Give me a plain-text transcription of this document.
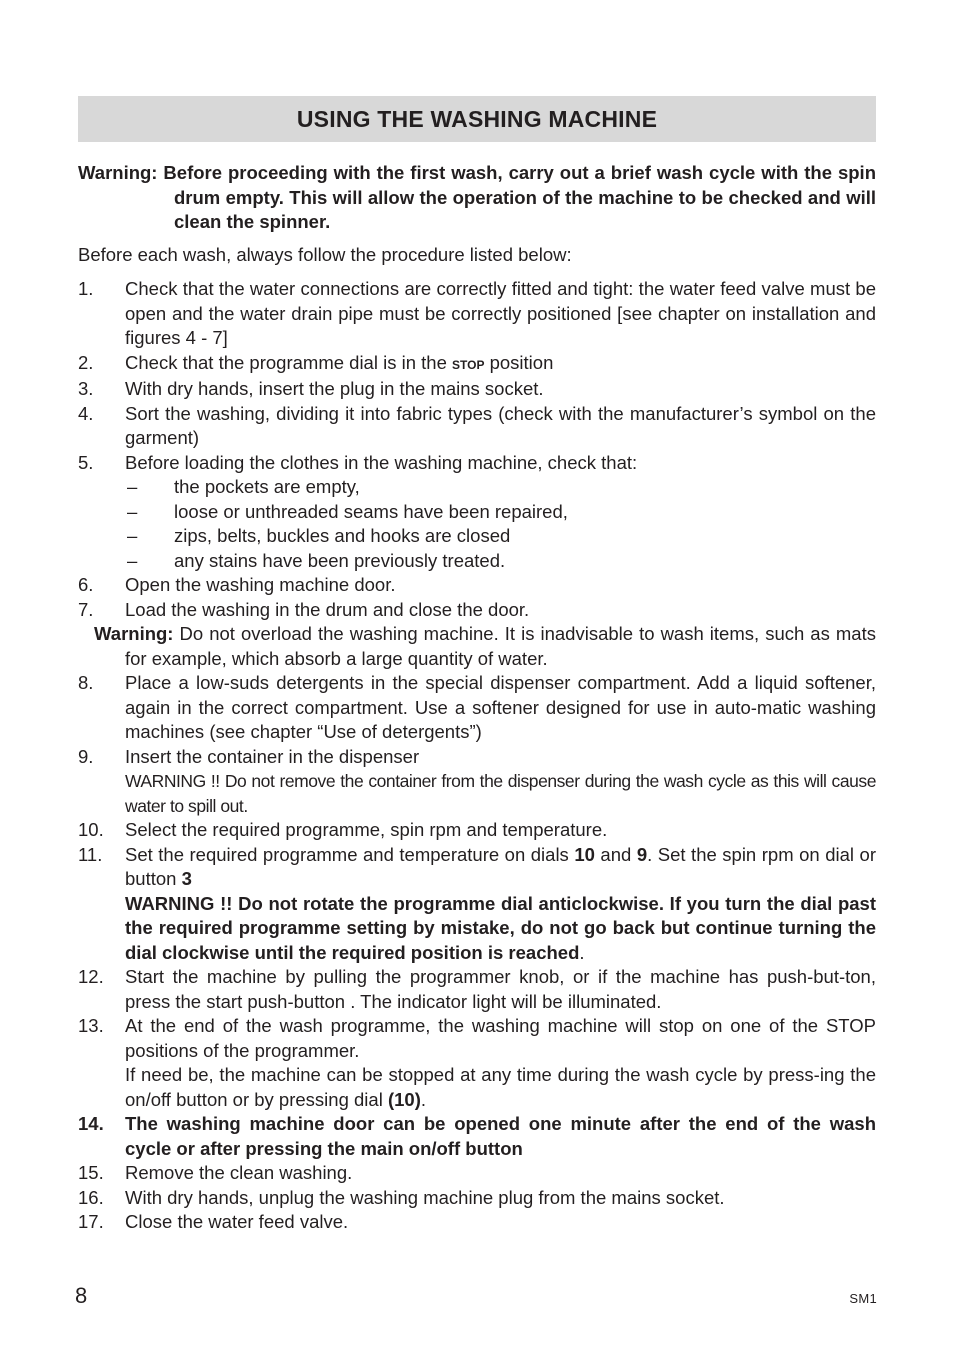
USING THE WASHING MACHINE
Warning: Before proceeding with the first wash, carry out a brief wash cycle with the spin drum empty. This will allow the operation of the machine to be checked and will clean the spinner.
Before each wash, always follow the procedure listed below:
1.	Check that the water connections are correctly fitted and tight: the water feed valve must be open and the water drain pipe must be correctly positioned [see chapter on installation and figures 4 - 7]
2.	Check that the programme dial is in the STOP position
3.	With dry hands, insert the plug in the mains socket.
4.	Sort the washing, dividing it into fabric types (check with the manufacturer’s symbol on the garment)
5.	Before loading the clothes in the washing machine, check that:
–	the pockets are empty,
–	loose or unthreaded seams have been repaired,
–	zips, belts, buckles and hooks are closed
–	any stains have been previously treated.
6.	Open the washing machine door.
7.	Load the washing in the drum and close the door.
Warning: Do not overload the washing machine. It is inadvisable to wash items, such as mats for example, which absorb a large quantity of water.
8.	Place a low-suds detergents in the special dispenser compartment. Add a liquid softener, again in the correct compartment. Use a softener designed for use in auto-matic washing machines (see chapter “Use of detergents”)
9.	Insert the container in the dispenser
WARNING !! Do not remove the container from the dispenser during the wash cycle as this will cause water to spill out.
10.	Select the required programme, spin rpm and temperature.
11.	Set the required programme and temperature on dials 10 and 9. Set the spin rpm on dial or button 3
WARNING !! Do not rotate the programme dial anticlockwise. If you turn the dial past the required programme setting by mistake, do not go back but continue turning the dial clockwise until the required position is reached.
12.	Start the machine by pulling the programmer knob, or if the machine has push-but-ton, press the start push-button . The indicator light will be illuminated.
13.	At the end of the wash programme, the washing machine will stop on one of the STOP positions of the programmer.
If need be, the machine can be stopped at any time during the wash cycle by press-ing the on/off button or by pressing dial (10).
14.	The washing machine door can be opened one minute after the end of the wash cycle or after pressing the main on/off button
15.	Remove the clean washing.
16.	With dry hands, unplug the washing machine plug from the mains socket.
17.	Close the water feed valve.
8	SM1
